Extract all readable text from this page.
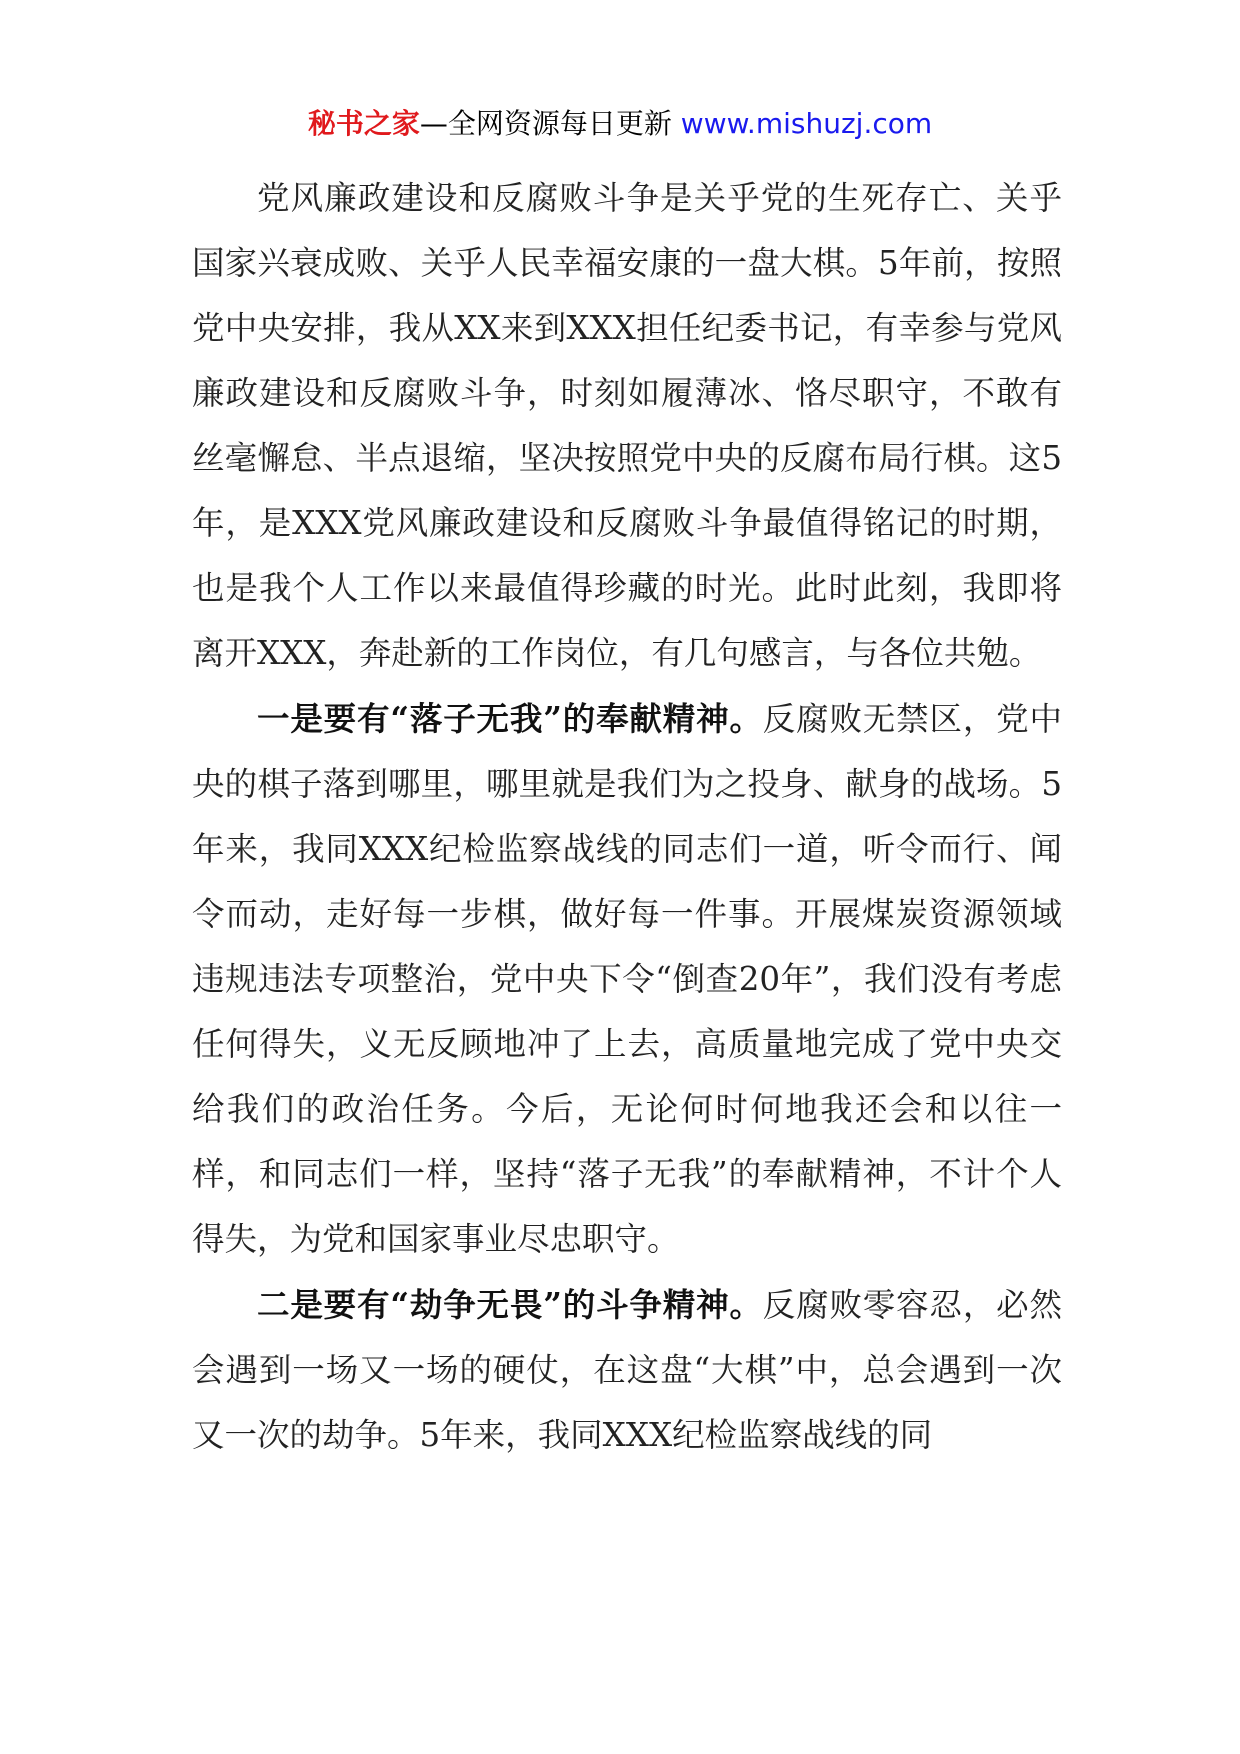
秘书之家—全网资源每日更新 www.mishuzj.com

党风廉政建设和反腐败斗争是关乎党的生死存亡、关乎国家兴衰成败、关乎人民幸福安康的一盘大棋。5年前，按照党中央安排，我从XX来到XXX担任纪委书记，有幸参与党风廉政建设和反腐败斗争，时刻如履薄冰、恪尽职守，不敢有丝毫懈怠、半点退缩，坚决按照党中央的反腐布局行棋。这5年，是XXX党风廉政建设和反腐败斗争最值得铭记的时期，也是我个人工作以来最值得珍藏的时光。此时此刻，我即将离开XXX，奔赴新的工作岗位，有几句感言，与各位共勉。

一是要有“落子无我”的奉献精神。反腐败无禁区，党中央的棋子落到哪里，哪里就是我们为之投身、献身的战场。5年来，我同XXX纪检监察战线的同志们一道，听令而行、闻令而动，走好每一步棋，做好每一件事。开展煤炭资源领域违规违法专项整治，党中央下令“倒查20年”，我们没有考虑任何得失，义无反顾地冲了上去，高质量地完成了党中央交给我们的政治任务。今后，无论何时何地我还会和以往一样，和同志们一样，坚持“落子无我”的奉献精神，不计个人得失，为党和国家事业尽忠职守。

二是要有“劫争无畏”的斗争精神。反腐败零容忍，必然会遇到一场又一场的硬仗，在这盘“大棋”中，总会遇到一次又一次的劫争。5年来，我同XXX纪检监察战线的同
